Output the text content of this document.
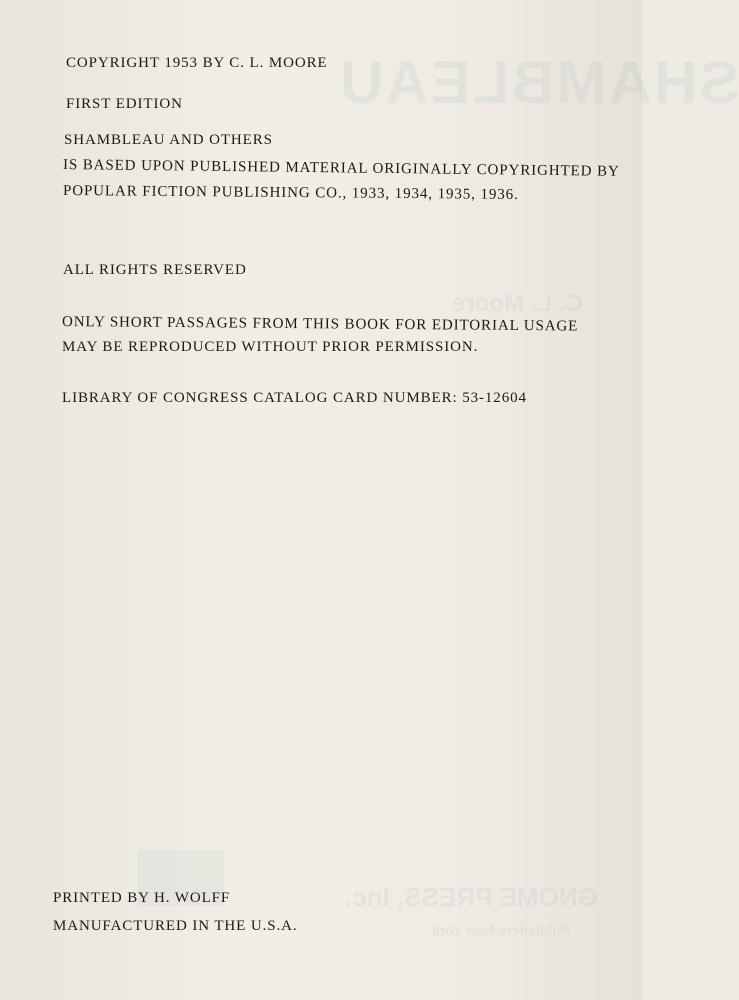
SHAMBLEAU
C. L. Moore
GNOME PRESS, Inc.
Publishers New York
COPYRIGHT 1953 BY C. L. MOORE
FIRST EDITION
SHAMBLEAU AND OTHERS
IS BASED UPON PUBLISHED MATERIAL ORIGINALLY COPYRIGHTED BY
POPULAR FICTION PUBLISHING CO., 1933, 1934, 1935, 1936.
ALL RIGHTS RESERVED
ONLY SHORT PASSAGES FROM THIS BOOK FOR EDITORIAL USAGE
MAY BE REPRODUCED WITHOUT PRIOR PERMISSION.
LIBRARY OF CONGRESS CATALOG CARD NUMBER: 53-12604
PRINTED BY H. WOLFF
MANUFACTURED IN THE U.S.A.
